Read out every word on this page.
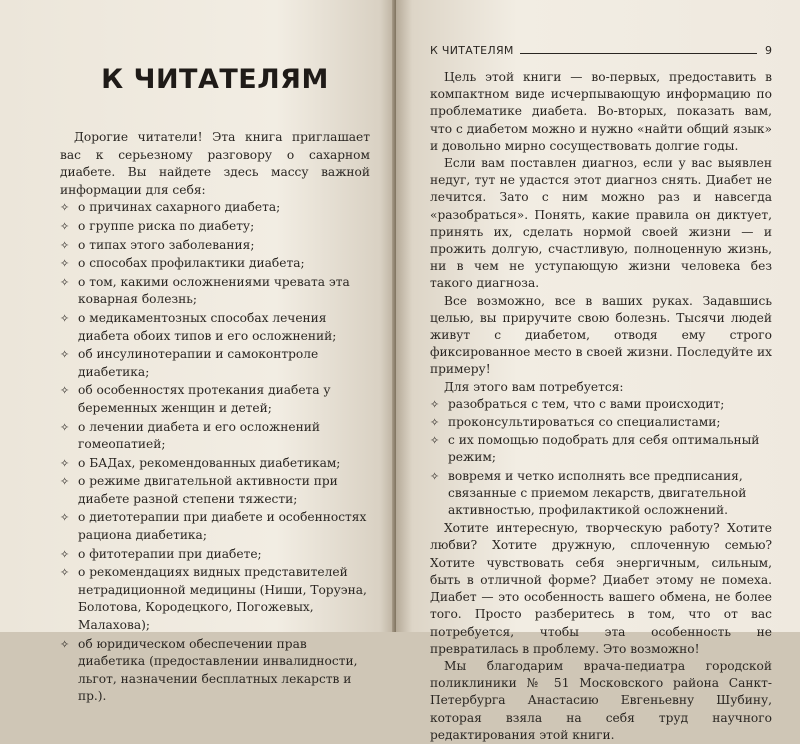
К ЧИТАТЕЛЯМ

Дорогие читатели! Эта книга приглашает вас к серьезному разговору о сахарном диабете. Вы найдете здесь массу важной информации для себя:

✧ о причинах сахарного диабета;
✧ о группе риска по диабету;
✧ о типах этого заболевания;
✧ о способах профилактики диабета;
✧ о том, какими осложнениями чревата эта коварная болезнь;
✧ о медикаментозных способах лечения диабета обоих типов и его осложнений;
✧ об инсулинотерапии и самоконтроле диабетика;
✧ об особенностях протекания диабета у беременных женщин и детей;
✧ о лечении диабета и его осложнений гомеопатией;
✧ о БАДах, рекомендованных диабетикам;
✧ о режиме двигательной активности при диабете разной степени тяжести;
✧ о диетотерапии при диабете и особенностях рациона диабетика;
✧ о фитотерапии при диабете;
✧ о рекомендациях видных представителей нетрадиционной медицины (Ниши, Торуэна, Болотова, Кородецкого, Погожевых, Малахова);
✧ об юридическом обеспечении прав диабетика (предоставлении инвалидности, льгот, назначении бесплатных лекарств и пр.).
К ЧИТАТЕЛЯМ	9

Цель этой книги — во-первых, предоставить в компактном виде исчерпывающую информацию по проблематике диабета. Во-вторых, показать вам, что с диабетом можно и нужно «найти общий язык» и довольно мирно сосуществовать долгие годы.

Если вам поставлен диагноз, если у вас выявлен недуг, тут не удастся этот диагноз снять. Диабет не лечится. Зато с ним можно раз и навсегда «разобраться». Понять, какие правила он диктует, принять их, сделать нормой своей жизни — и прожить долгую, счастливую, полноценную жизнь, ни в чем не уступающую жизни человека без такого диагноза.

Все возможно, все в ваших руках. Задавшись целью, вы приручите свою болезнь. Тысячи людей живут с диабетом, отводя ему строго фиксированное место в своей жизни. Последуйте их примеру!

Для этого вам потребуется:

✧ разобраться с тем, что с вами происходит;
✧ проконсультироваться со специалистами;
✧ с их помощью подобрать для себя оптимальный режим;
✧ вовремя и четко исполнять все предписания, связанные с приемом лекарств, двигательной активностью, профилактикой осложнений.

Хотите интересную, творческую работу? Хотите любви? Хотите дружную, сплоченную семью? Хотите чувствовать себя энергичным, сильным, быть в отличной форме? Диабет этому не помеха. Диабет — это особенность вашего обмена, не более того. Просто разберитесь в том, что от вас потребуется, чтобы эта особенность не превратилась в проблему. Это возможно!

Мы благодарим врача-педиатра городской поликлиники № 51 Московского района Санкт-Петербурга Анастасию Евгеньевну Шубину, которая взяла на себя труд научного редактирования этой книги.
